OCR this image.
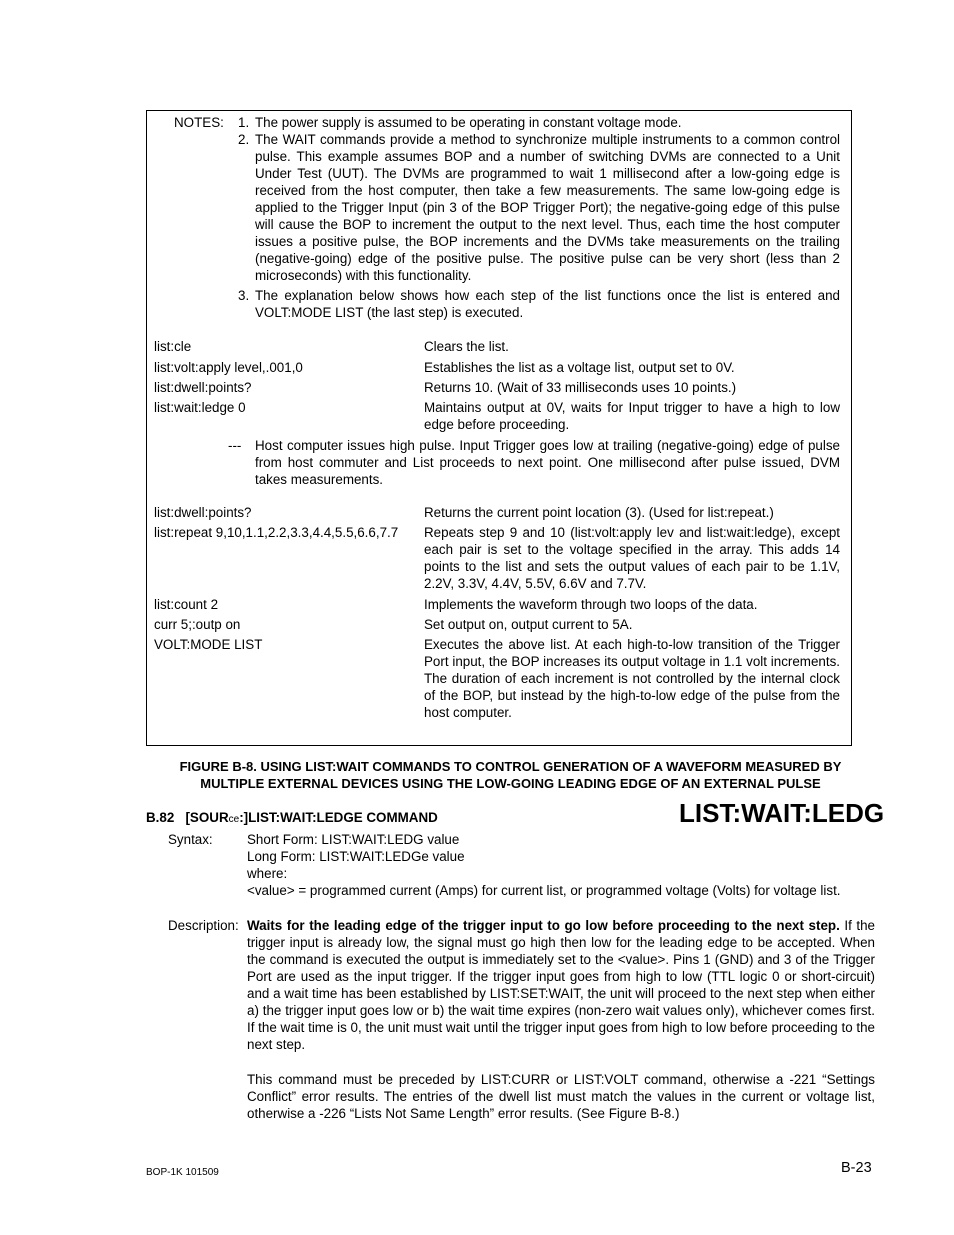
NOTES: 1. The power supply is assumed to be operating in constant voltage mode.
2. The WAIT commands provide a method to synchronize multiple instruments to a common control pulse. This example assumes BOP and a number of switching DVMs are connected to a Unit Under Test (UUT). The DVMs are programmed to wait 1 millisecond after a low-going edge is received from the host computer, then take a few measurements. The same low-going edge is applied to the Trigger Input (pin 3 of the BOP Trigger Port); the negative-going edge of this pulse will cause the BOP to increment the output to the next level. Thus, each time the host computer issues a positive pulse, the BOP increments and the DVMs take measurements on the trailing (negative-going) edge of the positive pulse. The positive pulse can be very short (less than 2 microseconds) with this functionality.
3. The explanation below shows how each step of the list functions once the list is entered and VOLT:MODE LIST (the last step) is executed.
list:cle	Clears the list.
list:volt:apply level,.001,0	Establishes the list as a voltage list, output set to 0V.
list:dwell:points?	Returns 10. (Wait of 33 milliseconds uses 10 points.)
list:wait:ledge 0	Maintains output at 0V, waits for Input trigger to have a high to low edge before proceeding.
--- Host computer issues high pulse. Input Trigger goes low at trailing (negative-going) edge of pulse from host commuter and List proceeds to next point. One millisecond after pulse issued, DVM takes measurements.
list:dwell:points?	Returns the current point location (3). (Used for list:repeat.)
list:repeat 9,10,1.1,2.2,3.3,4.4,5.5,6.6,7.7 Repeats step 9 and 10 (list:volt:apply lev and list:wait:ledge), except each pair is set to the voltage specified in the array. This adds 14 points to the list and sets the output values of each pair to be 1.1V, 2.2V, 3.3V, 4.4V, 5.5V, 6.6V and 7.7V.
list:count 2	Implements the waveform through two loops of the data.
curr 5;:outp on	Set output on, output current to 5A.
VOLT:MODE LIST	Executes the above list. At each high-to-low transition of the Trigger Port input, the BOP increases its output voltage in 1.1 volt increments. The duration of each increment is not controlled by the internal clock of the BOP, but instead by the high-to-low edge of the pulse from the host computer.
FIGURE B-8. USING LIST:WAIT COMMANDS TO CONTROL GENERATION OF A WAVEFORM MEASURED BY
MULTIPLE EXTERNAL DEVICES USING THE LOW-GOING LEADING EDGE OF AN EXTERNAL PULSE
B.82 [SOURce:]LIST:WAIT:LEDGE COMMAND	LIST:WAIT:LEDG
Syntax:	Short Form: LIST:WAIT:LEDG value
Long Form: LIST:WAIT:LEDGe value
where:
<value> = programmed current (Amps) for current list, or programmed voltage (Volts) for voltage list.
Description: Waits for the leading edge of the trigger input to go low before proceeding to the next step. If the trigger input is already low, the signal must go high then low for the leading edge to be accepted. When the command is executed the output is immediately set to the <value>. Pins 1 (GND) and 3 of the Trigger Port are used as the input trigger. If the trigger input goes from high to low (TTL logic 0 or short-circuit) and a wait time has been established by LIST:SET:WAIT, the unit will proceed to the next step when either a) the trigger input goes low or b) the wait time expires (non-zero wait values only), whichever comes first. If the wait time is 0, the unit must wait until the trigger input goes from high to low before proceeding to the next step.
This command must be preceded by LIST:CURR or LIST:VOLT command, otherwise a -221 “Settings Conflict” error results. The entries of the dwell list must match the values in the current or voltage list, otherwise a -226 “Lists Not Same Length” error results. (See Figure B-8.)
BOP-1K 101509	B-23
